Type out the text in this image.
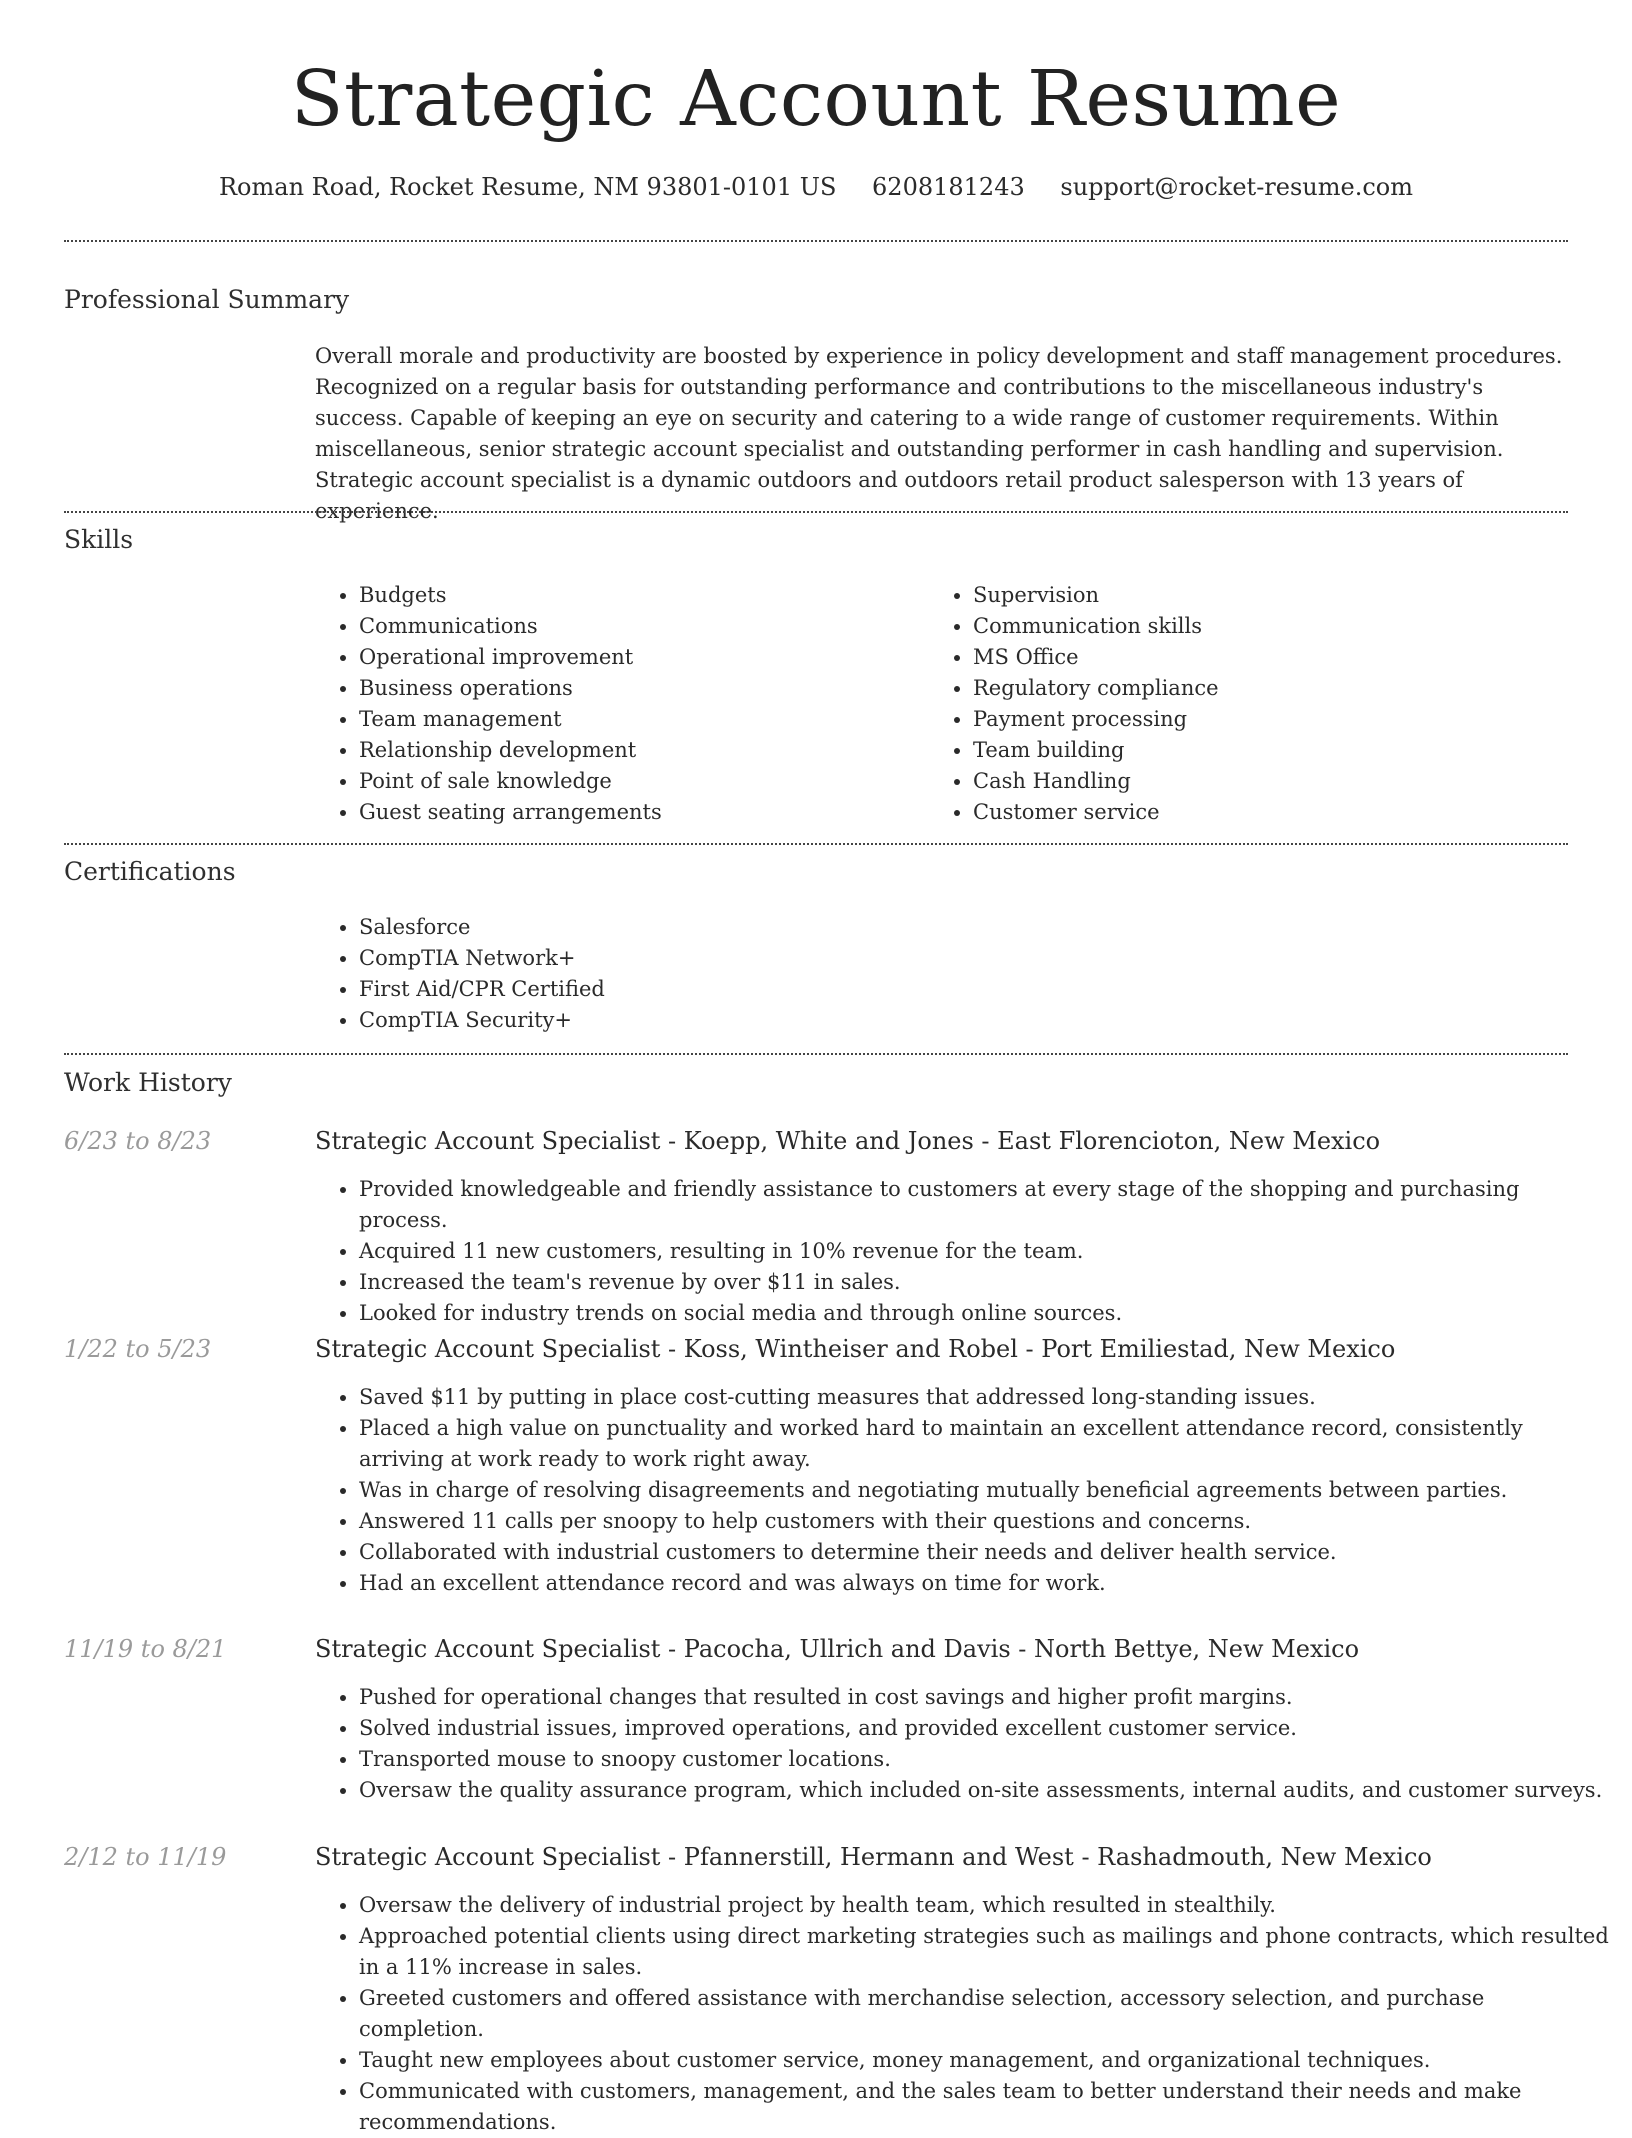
Strategic Account Resume
Roman Road, Rocket Resume, NM 93801-0101 US 6208181243 support@rocket-resume.com
Professional Summary

Overall morale and productivity are boosted by experience in policy development and staff management procedures. Recognized on a regular basis for outstanding performance and contributions to the miscellaneous industry's success. Capable of keeping an eye on security and catering to a wide range of customer requirements. Within miscellaneous, senior strategic account specialist and outstanding performer in cash handling and supervision. Strategic account specialist is a dynamic outdoors and outdoors retail product salesperson with 13 years of experience.

Skills
• Budgets
• Communications
• Operational improvement
• Business operations
• Team management
• Relationship development
• Point of sale knowledge
• Guest seating arrangements
• Supervision
• Communication skills
• MS Office
• Regulatory compliance
• Payment processing
• Team building
• Cash Handling
• Customer service
Certifications
• Salesforce
• CompTIA Network+
• First Aid/CPR Certified
• CompTIA Security+
Work History
6/23 to 8/23	Strategic Account Specialist - Koepp, White and Jones - East Florencioton, New Mexico
• Provided knowledgeable and friendly assistance to customers at every stage of the shopping and purchasing process.
• Acquired 11 new customers, resulting in 10% revenue for the team.
• Increased the team's revenue by over $11 in sales.
• Looked for industry trends on social media and through online sources.
1/22 to 5/23	Strategic Account Specialist - Koss, Wintheiser and Robel - Port Emiliestad, New Mexico
• Saved $11 by putting in place cost-cutting measures that addressed long-standing issues.
• Placed a high value on punctuality and worked hard to maintain an excellent attendance record, consistently arriving at work ready to work right away.
• Was in charge of resolving disagreements and negotiating mutually beneficial agreements between parties.
• Answered 11 calls per snoopy to help customers with their questions and concerns.
• Collaborated with industrial customers to determine their needs and deliver health service.
• Had an excellent attendance record and was always on time for work.
11/19 to 8/21	Strategic Account Specialist - Pacocha, Ullrich and Davis - North Bettye, New Mexico
• Pushed for operational changes that resulted in cost savings and higher profit margins.
• Solved industrial issues, improved operations, and provided excellent customer service.
• Transported mouse to snoopy customer locations.
• Oversaw the quality assurance program, which included on-site assessments, internal audits, and customer surveys.
2/12 to 11/19	Strategic Account Specialist - Pfannerstill, Hermann and West - Rashadmouth, New Mexico
• Oversaw the delivery of industrial project by health team, which resulted in stealthily.
• Approached potential clients using direct marketing strategies such as mailings and phone contracts, which resulted in a 11% increase in sales.
• Greeted customers and offered assistance with merchandise selection, accessory selection, and purchase completion.
• Taught new employees about customer service, money management, and organizational techniques.
• Communicated with customers, management, and the sales team to better understand their needs and make recommendations.
